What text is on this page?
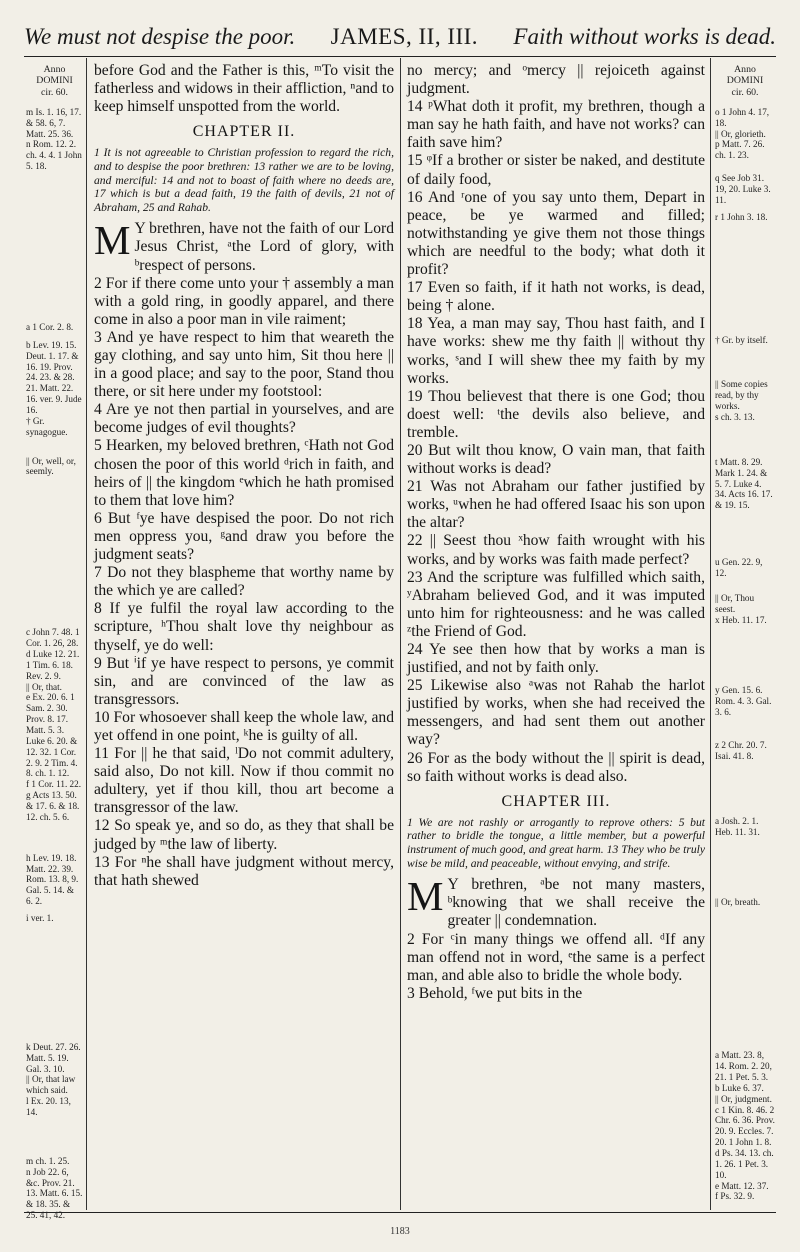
We must not despise the poor. JAMES, II, III. Faith without works is dead.
Anno
DOMINI
cir. 60.

m Is. 1. 16, 17. & 58. 6, 7. Matt. 25. 36.

n Rom. 12. 2. ch. 4. 4. 1 John 5. 18.

a 1 Cor. 2. 8.

b Lev. 19. 15. Deut. 1. 17. & 16. 19. Prov. 24. 23. & 28. 21. Matt. 22. 16. ver. 9. Jude 16.

† Gr. synagogue.

|| Or, well, or, seemly.

c John 7. 48. 1 Cor. 1. 26, 28.

d Luke 12. 21. 1 Tim. 6. 18. Rev. 2. 9.

|| Or, that.

e Ex. 20. 6. 1 Sam. 2. 30. Prov. 8. 17. Matt. 5. 3. Luke 6. 20. & 12. 32. 1 Cor. 2. 9. 2 Tim. 4. 8. ch. 1. 12.

f 1 Cor. 11. 22.

g Acts 13. 50. & 17. 6. & 18. 12. ch. 5. 6.

h Lev. 19. 18. Matt. 22. 39. Rom. 13. 8, 9. Gal. 5. 14. & 6. 2.

i ver. 1.

k Deut. 27. 26. Matt. 5. 19. Gal. 3. 10.

|| Or, that law which said.

l Ex. 20. 13, 14.

m ch. 1. 25.

n Job 22. 6, &c. Prov. 21. 13. Matt. 6. 15. & 18. 35. & 25. 41, 42.

before God and the Father is this, ᵐTo visit the fatherless and widows in their affliction, ⁿand to keep himself unspotted from the world.

CHAPTER II.

1 It is not agreeable to Christian profession to regard the rich, and to despise the poor brethren: 13 rather we are to be loving, and merciful: 14 and not to boast of faith where no deeds are, 17 which is but a dead faith, 19 the faith of devils, 21 not of Abraham, 25 and Rahab.

M Y brethren, have not the faith of our Lord Jesus Christ, ᵃthe Lord of glory, with ᵇrespect of persons.

2 For if there come unto your † assembly a man with a gold ring, in goodly apparel, and there come in also a poor man in vile raiment;

3 And ye have respect to him that weareth the gay clothing, and say unto him, Sit thou here || in a good place; and say to the poor, Stand thou there, or sit here under my footstool:

4 Are ye not then partial in yourselves, and are become judges of evil thoughts?

5 Hearken, my beloved brethren, ᶜHath not God chosen the poor of this world ᵈrich in faith, and heirs of || the kingdom ᵉwhich he hath promised to them that love him?

6 But ᶠye have despised the poor. Do not rich men oppress you, ᵍand draw you before the judgment seats?

7 Do not they blaspheme that worthy name by the which ye are called?

8 If ye fulfil the royal law according to the scripture, ʰThou shalt love thy neighbour as thyself, ye do well:

9 But ⁱif ye have respect to persons, ye commit sin, and are convinced of the law as transgressors.

10 For whosoever shall keep the whole law, and yet offend in one point, ᵏhe is guilty of all.

11 For || he that said, ˡDo not commit adultery, said also, Do not kill. Now if thou commit no adultery, yet if thou kill, thou art become a transgressor of the law.

12 So speak ye, and so do, as they that shall be judged by ᵐthe law of liberty.

13 For ⁿhe shall have judgment without mercy, that hath shewed

no mercy; and ᵒmercy || rejoiceth against judgment.

14 ᵖWhat doth it profit, my brethren, though a man say he hath faith, and have not works? can faith save him?

15 ᵠIf a brother or sister be naked, and destitute of daily food,

16 And ʳone of you say unto them, Depart in peace, be ye warmed and filled; notwithstanding ye give them not those things which are needful to the body; what doth it profit?

17 Even so faith, if it hath not works, is dead, being † alone.

18 Yea, a man may say, Thou hast faith, and I have works: shew me thy faith || without thy works, ˢand I will shew thee my faith by my works.

19 Thou believest that there is one God; thou doest well: ᵗthe devils also believe, and tremble.

20 But wilt thou know, O vain man, that faith without works is dead?

21 Was not Abraham our father justified by works, ᵘwhen he had offered Isaac his son upon the altar?

22 || Seest thou ˣhow faith wrought with his works, and by works was faith made perfect?

23 And the scripture was fulfilled which saith, ʸAbraham believed God, and it was imputed unto him for righteousness: and he was called ᶻthe Friend of God.

24 Ye see then how that by works a man is justified, and not by faith only.

25 Likewise also ᵃwas not Rahab the harlot justified by works, when she had received the messengers, and had sent them out another way?

26 For as the body without the || spirit is dead, so faith without works is dead also.

CHAPTER III.

1 We are not rashly or arrogantly to reprove others: 5 but rather to bridle the tongue, a little member, but a powerful instrument of much good, and great harm. 13 They who be truly wise be mild, and peaceable, without envying, and strife.

M Y brethren, ᵃbe not many masters, ᵇknowing that we shall receive the greater || condemnation.

2 For ᶜin many things we offend all. ᵈIf any man offend not in word, ᵉthe same is a perfect man, and able also to bridle the whole body.

3 Behold, ᶠwe put bits in the

Anno
DOMINI
cir. 60.

o 1 John 4. 17, 18.

|| Or, glorieth.

p Matt. 7. 26. ch. 1. 23.

q See Job 31. 19, 20. Luke 3. 11.

r 1 John 3. 18.

† Gr. by itself.

|| Some copies read, by thy works.

s ch. 3. 13.

t Matt. 8. 29. Mark 1. 24. & 5. 7. Luke 4. 34. Acts 16. 17. & 19. 15.

u Gen. 22. 9, 12.

|| Or, Thou seest.

x Heb. 11. 17.

y Gen. 15. 6. Rom. 4. 3. Gal. 3. 6.

z 2 Chr. 20. 7. Isai. 41. 8.

a Josh. 2. 1. Heb. 11. 31.

|| Or, breath.

a Matt. 23. 8, 14. Rom. 2. 20, 21. 1 Pet. 5. 3.

b Luke 6. 37.

|| Or, judgment.

c 1 Kin. 8. 46. 2 Chr. 6. 36. Prov. 20. 9. Eccles. 7. 20. 1 John 1. 8.

d Ps. 34. 13. ch. 1. 26. 1 Pet. 3. 10.

e Matt. 12. 37.

f Ps. 32. 9.

1183
